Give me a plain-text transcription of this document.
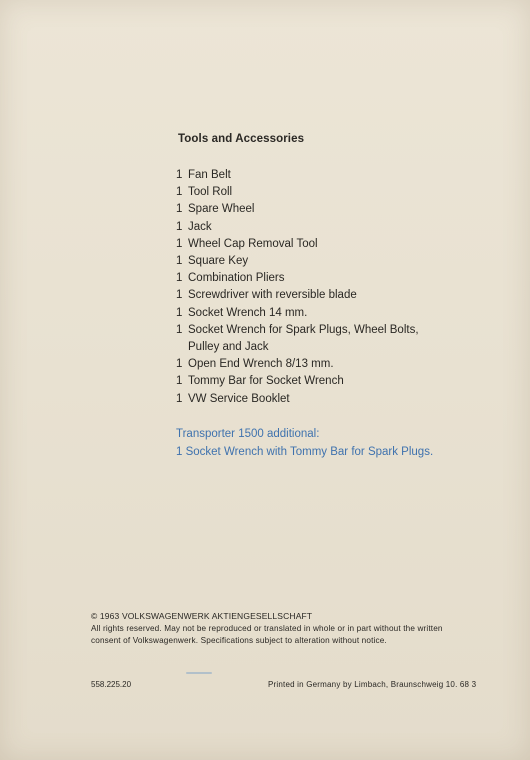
Tools and Accessories
1 Fan Belt
1 Tool Roll
1 Spare Wheel
1 Jack
1 Wheel Cap Removal Tool
1 Square Key
1 Combination Pliers
1 Screwdriver with reversible blade
1 Socket Wrench 14 mm.
1 Socket Wrench for Spark Plugs, Wheel Bolts,
Pulley and Jack
1 Open End Wrench 8/13 mm.
1 Tommy Bar for Socket Wrench
1 VW Service Booklet
Transporter 1500 additional:
1 Socket Wrench with Tommy Bar for Spark Plugs.
© 1963 VOLKSWAGENWERK AKTIENGESELLSCHAFT
All rights reserved. May not be reproduced or translated in whole or in part without the written
consent of Volkswagenwerk. Specifications subject to alteration without notice.
558.225.20	Printed in Germany by Limbach, Braunschweig 10. 68 3
